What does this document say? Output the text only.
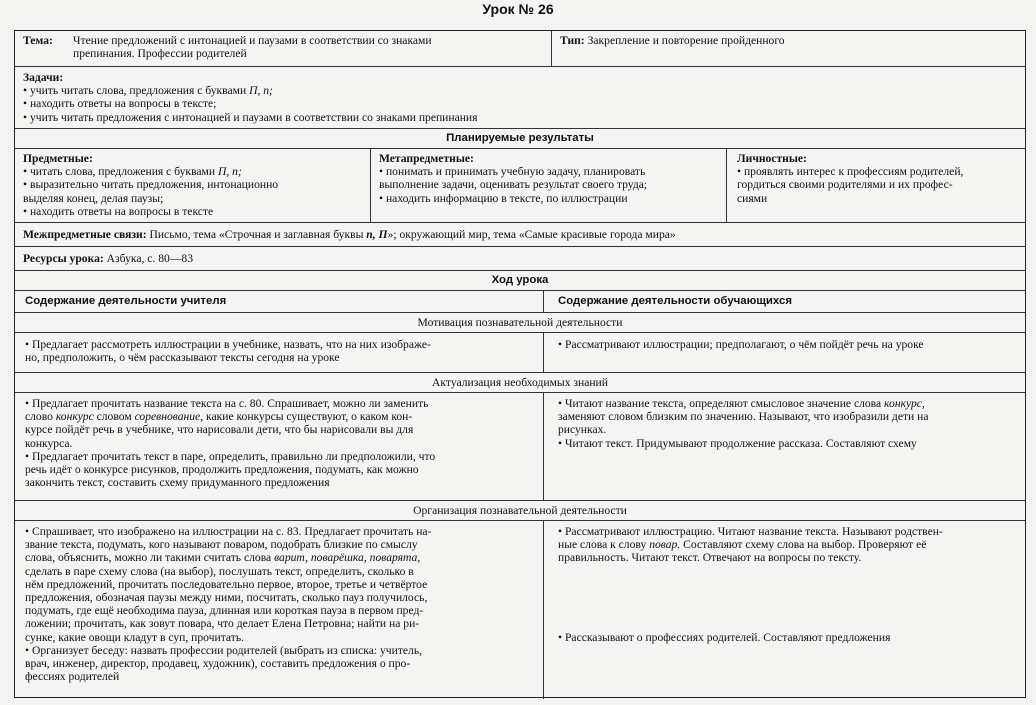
Урок № 26
Тема:	Чтение предложений с интонацией и паузами в соответствии со знаками

препинания. Профессии родителей

Тип: Закрепление и повторение пройденного

Задачи:

• учить читать слова, предложения с буквами П, п;

• находить ответы на вопросы в тексте;

• учить читать предложения с интонацией и паузами в соответствии со знаками препинания

Планируемые результаты

Предметные:

• читать слова, предложения с буквами П, п;

• выразительно читать предложения, интонационно

выделяя конец, делая паузы;

• находить ответы на вопросы в тексте

Метапредметные:

• понимать и принимать учебную задачу, планировать

выполнение задачи, оценивать результат своего труда;

• находить информацию в тексте, по иллюстрации

Личностные:

• проявлять интерес к профессиям родителей,

гордиться своими родителями и их профес-

сиями

Межпредметные связи: Письмо, тема «Строчная и заглавная буквы п, П»; окружающий мир, тема «Самые красивые города мира»
Ресурсы урока: Азбука, с. 80—83
Ход урока
Содержание деятельности учителя	Содержание деятельности обучающихся
Мотивация познавательной деятельности

• Предлагает рассмотреть иллюстрации в учебнике, назвать, что на них изображе-

но, предположить, о чём рассказывают тексты сегодня на уроке

• Рассматривают иллюстрации; предполагают, о чём пойдёт речь на уроке

Актуализация необходимых знаний

• Предлагает прочитать название текста на с. 80. Спрашивает, можно ли заменить

слово конкурс словом соревнование, какие конкурсы существуют, о каком кон-

курсе пойдёт речь в учебнике, что нарисовали дети, что бы нарисовали вы для

конкурса.

• Предлагает прочитать текст в паре, определить, правильно ли предположили, что

речь идёт о конкурсе рисунков, продолжить предложения, подумать, как можно

закончить текст, составить схему придуманного предложения

• Читают название текста, определяют смысловое значение слова конкурс,

заменяют словом близким по значению. Называют, что изобразили дети на

рисунках.

• Читают текст. Придумывают продолжение рассказа. Составляют схему

Организация познавательной деятельности

• Спрашивает, что изображено на иллюстрации на с. 83. Предлагает прочитать на-

звание текста, подумать, кого называют поваром, подобрать близкие по смыслу

слова, объяснить, можно ли такими считать слова варит, поварёшка, поварята,

сделать в паре схему слова (на выбор), послушать текст, определить, сколько в

нём предложений, прочитать последовательно первое, второе, третье и четвёртое

предложения, обозначая паузы между ними, посчитать, сколько пауз получилось,

подумать, где ещё необходима пауза, длинная или короткая пауза в первом пред-

ложении; прочитать, как зовут повара, что делает Елена Петровна; найти на ри-

сунке, какие овощи кладут в суп, прочитать.

• Организует беседу: назвать профессии родителей (выбрать из списка: учитель,

врач, инженер, директор, продавец, художник), составить предложения о про-

фессиях родителей

• Рассматривают иллюстрацию. Читают название текста. Называют родствен-

ные слова к слову повар. Составляют схему слова на выбор. Проверяют её

правильность. Читают текст. Отвечают на вопросы по тексту.

• Рассказывают о профессиях родителей. Составляют предложения
